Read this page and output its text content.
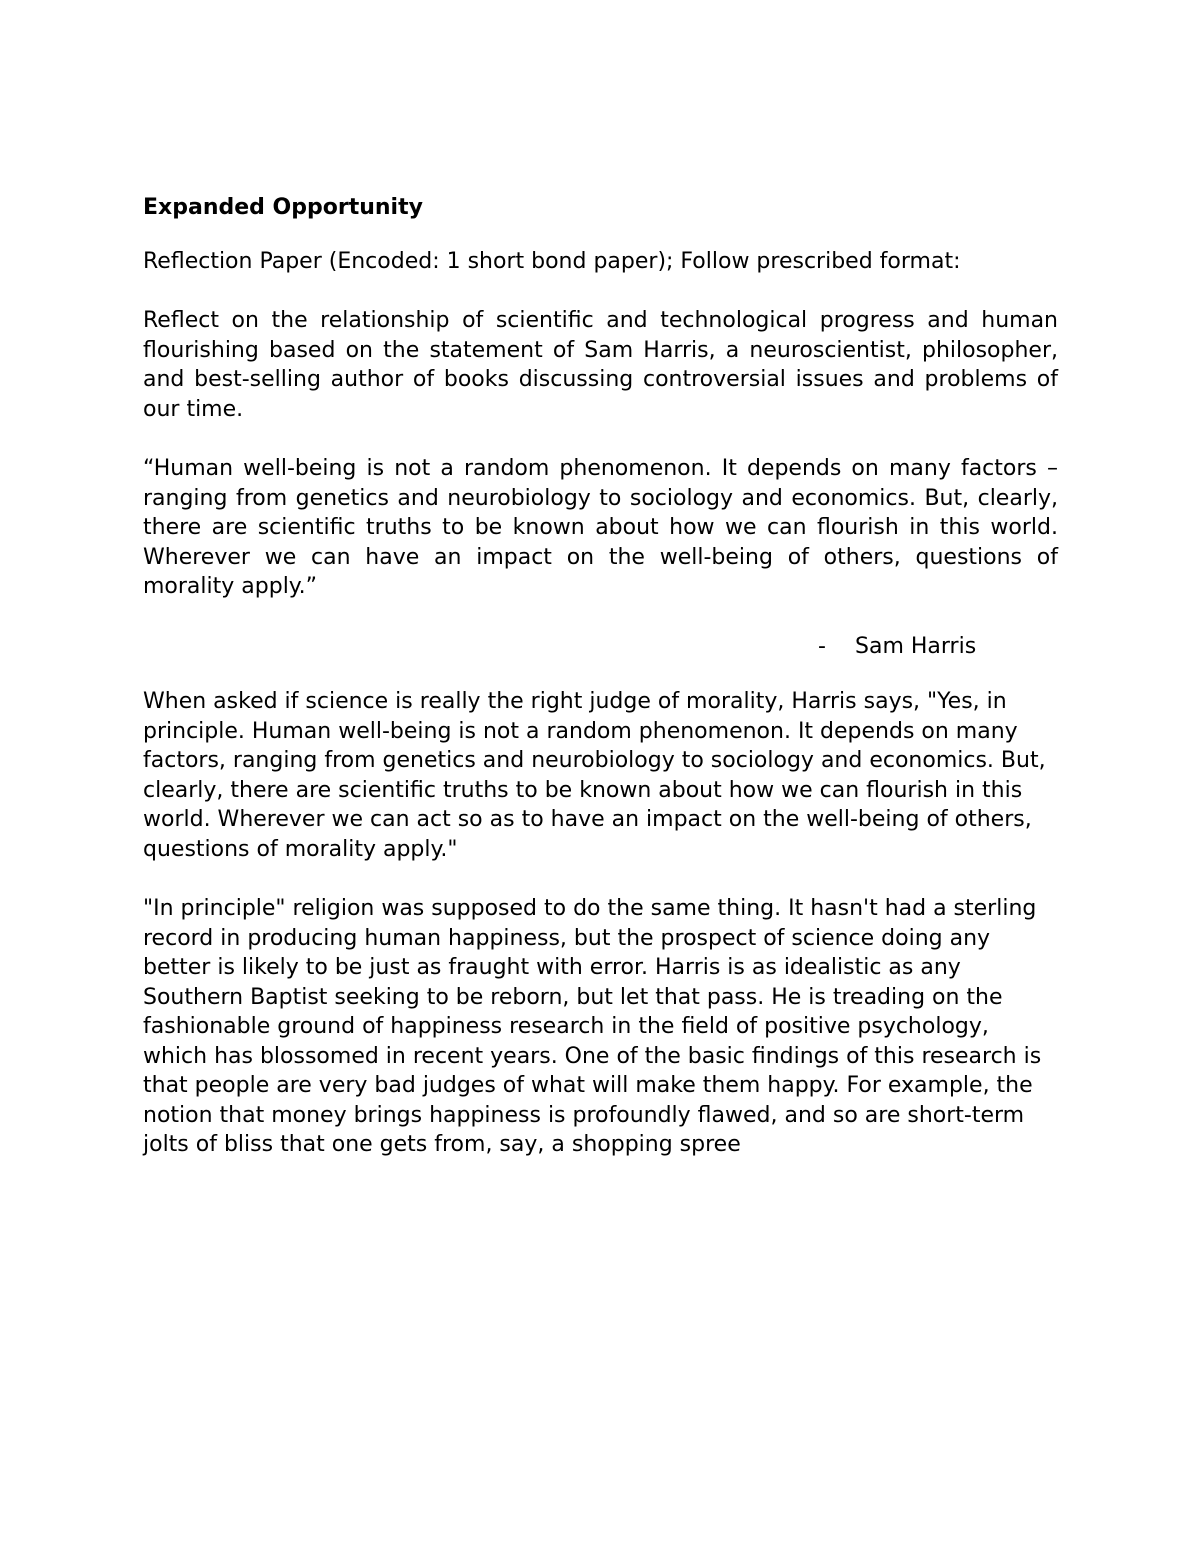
Expanded Opportunity
Reflection Paper (Encoded: 1 short bond paper); Follow prescribed format:
Reflect on the relationship of scientific and technological progress and human flourishing based on the statement of Sam Harris, a neuroscientist, philosopher, and best-selling author of books discussing controversial issues and problems of our time.
“Human well-being is not a random phenomenon. It depends on many factors – ranging from genetics and neurobiology to sociology and economics. But, clearly, there are scientific truths to be known about how we can flourish in this world. Wherever we can have an impact on the well-being of others, questions of morality apply.”
- Sam Harris
When asked if science is really the right judge of morality, Harris says, "Yes, in principle. Human well-being is not a random phenomenon. It depends on many factors, ranging from genetics and neurobiology to sociology and economics. But, clearly, there are scientific truths to be known about how we can flourish in this world. Wherever we can act so as to have an impact on the well-being of others, questions of morality apply."
"In principle" religion was supposed to do the same thing. It hasn't had a sterling record in producing human happiness, but the prospect of science doing any better is likely to be just as fraught with error. Harris is as idealistic as any Southern Baptist seeking to be reborn, but let that pass. He is treading on the fashionable ground of happiness research in the field of positive psychology, which has blossomed in recent years. One of the basic findings of this research is that people are very bad judges of what will make them happy. For example, the notion that money brings happiness is profoundly flawed, and so are short-term jolts of bliss that one gets from, say, a shopping spree
